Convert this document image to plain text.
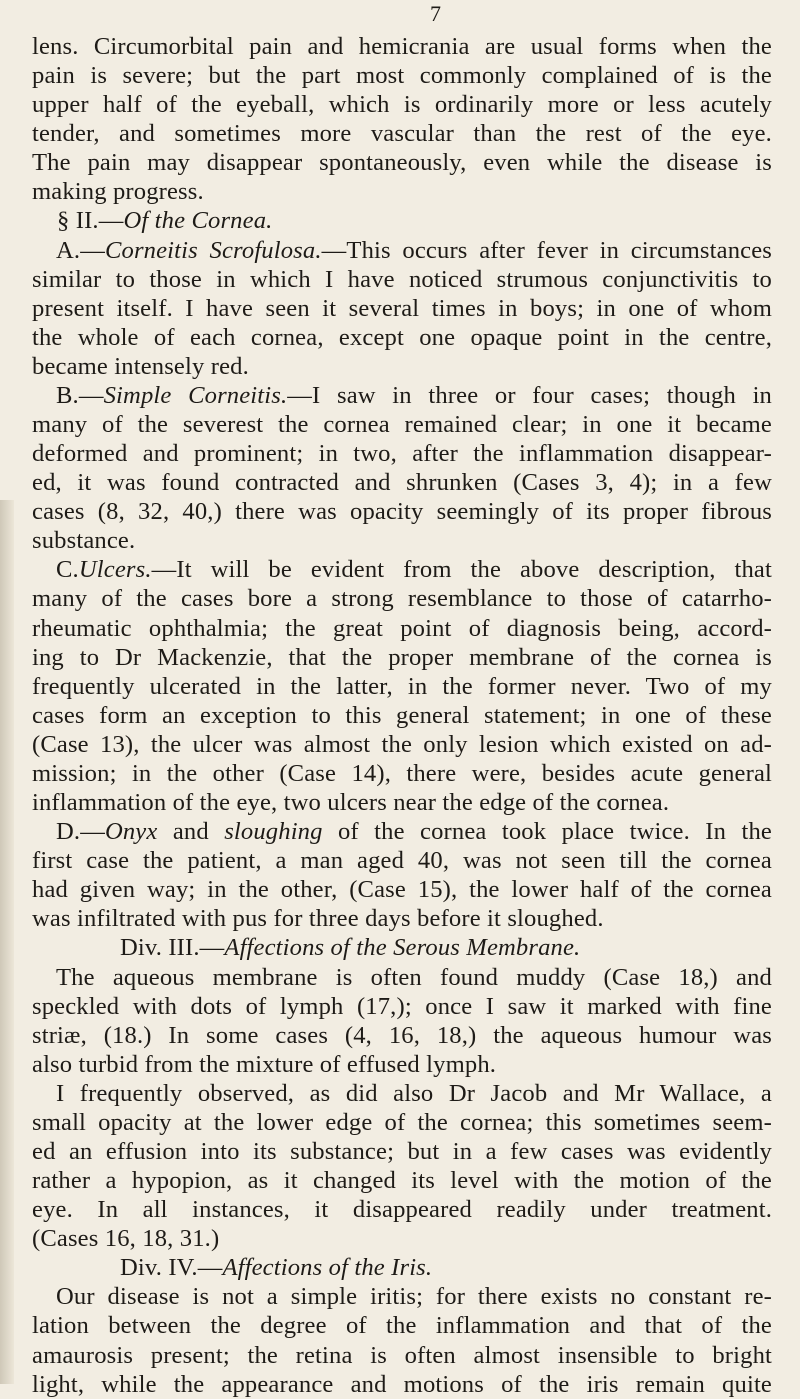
7
lens. Circumorbital pain and hemicrania are usual forms when the
pain is severe; but the part most commonly complained of is the
upper half of the eyeball, which is ordinarily more or less acutely
tender, and sometimes more vascular than the rest of the eye.
The pain may disappear spontaneously, even while the disease is
making progress.
§ II.—Of the Cornea.
A.—Corneitis Scrofulosa.—This occurs after fever in circumstances
similar to those in which I have noticed strumous conjunctivitis to
present itself. I have seen it several times in boys; in one of whom
the whole of each cornea, except one opaque point in the centre,
became intensely red.
B.—Simple Corneitis.—I saw in three or four cases; though in
many of the severest the cornea remained clear; in one it became
deformed and prominent; in two, after the inflammation disappear-
ed, it was found contracted and shrunken (Cases 3, 4); in a few
cases (8, 32, 40,) there was opacity seemingly of its proper fibrous
substance.
C.Ulcers.—It will be evident from the above description, that
many of the cases bore a strong resemblance to those of catarrho-
rheumatic ophthalmia; the great point of diagnosis being, accord-
ing to Dr Mackenzie, that the proper membrane of the cornea is
frequently ulcerated in the latter, in the former never. Two of my
cases form an exception to this general statement; in one of these
(Case 13), the ulcer was almost the only lesion which existed on ad-
mission; in the other (Case 14), there were, besides acute general
inflammation of the eye, two ulcers near the edge of the cornea.
D.—Onyx and sloughing of the cornea took place twice. In the
first case the patient, a man aged 40, was not seen till the cornea
had given way; in the other, (Case 15), the lower half of the cornea
was infiltrated with pus for three days before it sloughed.
Div. III.—Affections of the Serous Membrane.
The aqueous membrane is often found muddy (Case 18,) and
speckled with dots of lymph (17,); once I saw it marked with fine
striæ, (18.) In some cases (4, 16, 18,) the aqueous humour was
also turbid from the mixture of effused lymph.
I frequently observed, as did also Dr Jacob and Mr Wallace, a
small opacity at the lower edge of the cornea; this sometimes seem-
ed an effusion into its substance; but in a few cases was evidently
rather a hypopion, as it changed its level with the motion of the
eye. In all instances, it disappeared readily under treatment.
(Cases 16, 18, 31.)
Div. IV.—Affections of the Iris.
Our disease is not a simple iritis; for there exists no constant re-
lation between the degree of the inflammation and that of the
amaurosis present; the retina is often almost insensible to bright
light, while the appearance and motions of the iris remain quite
